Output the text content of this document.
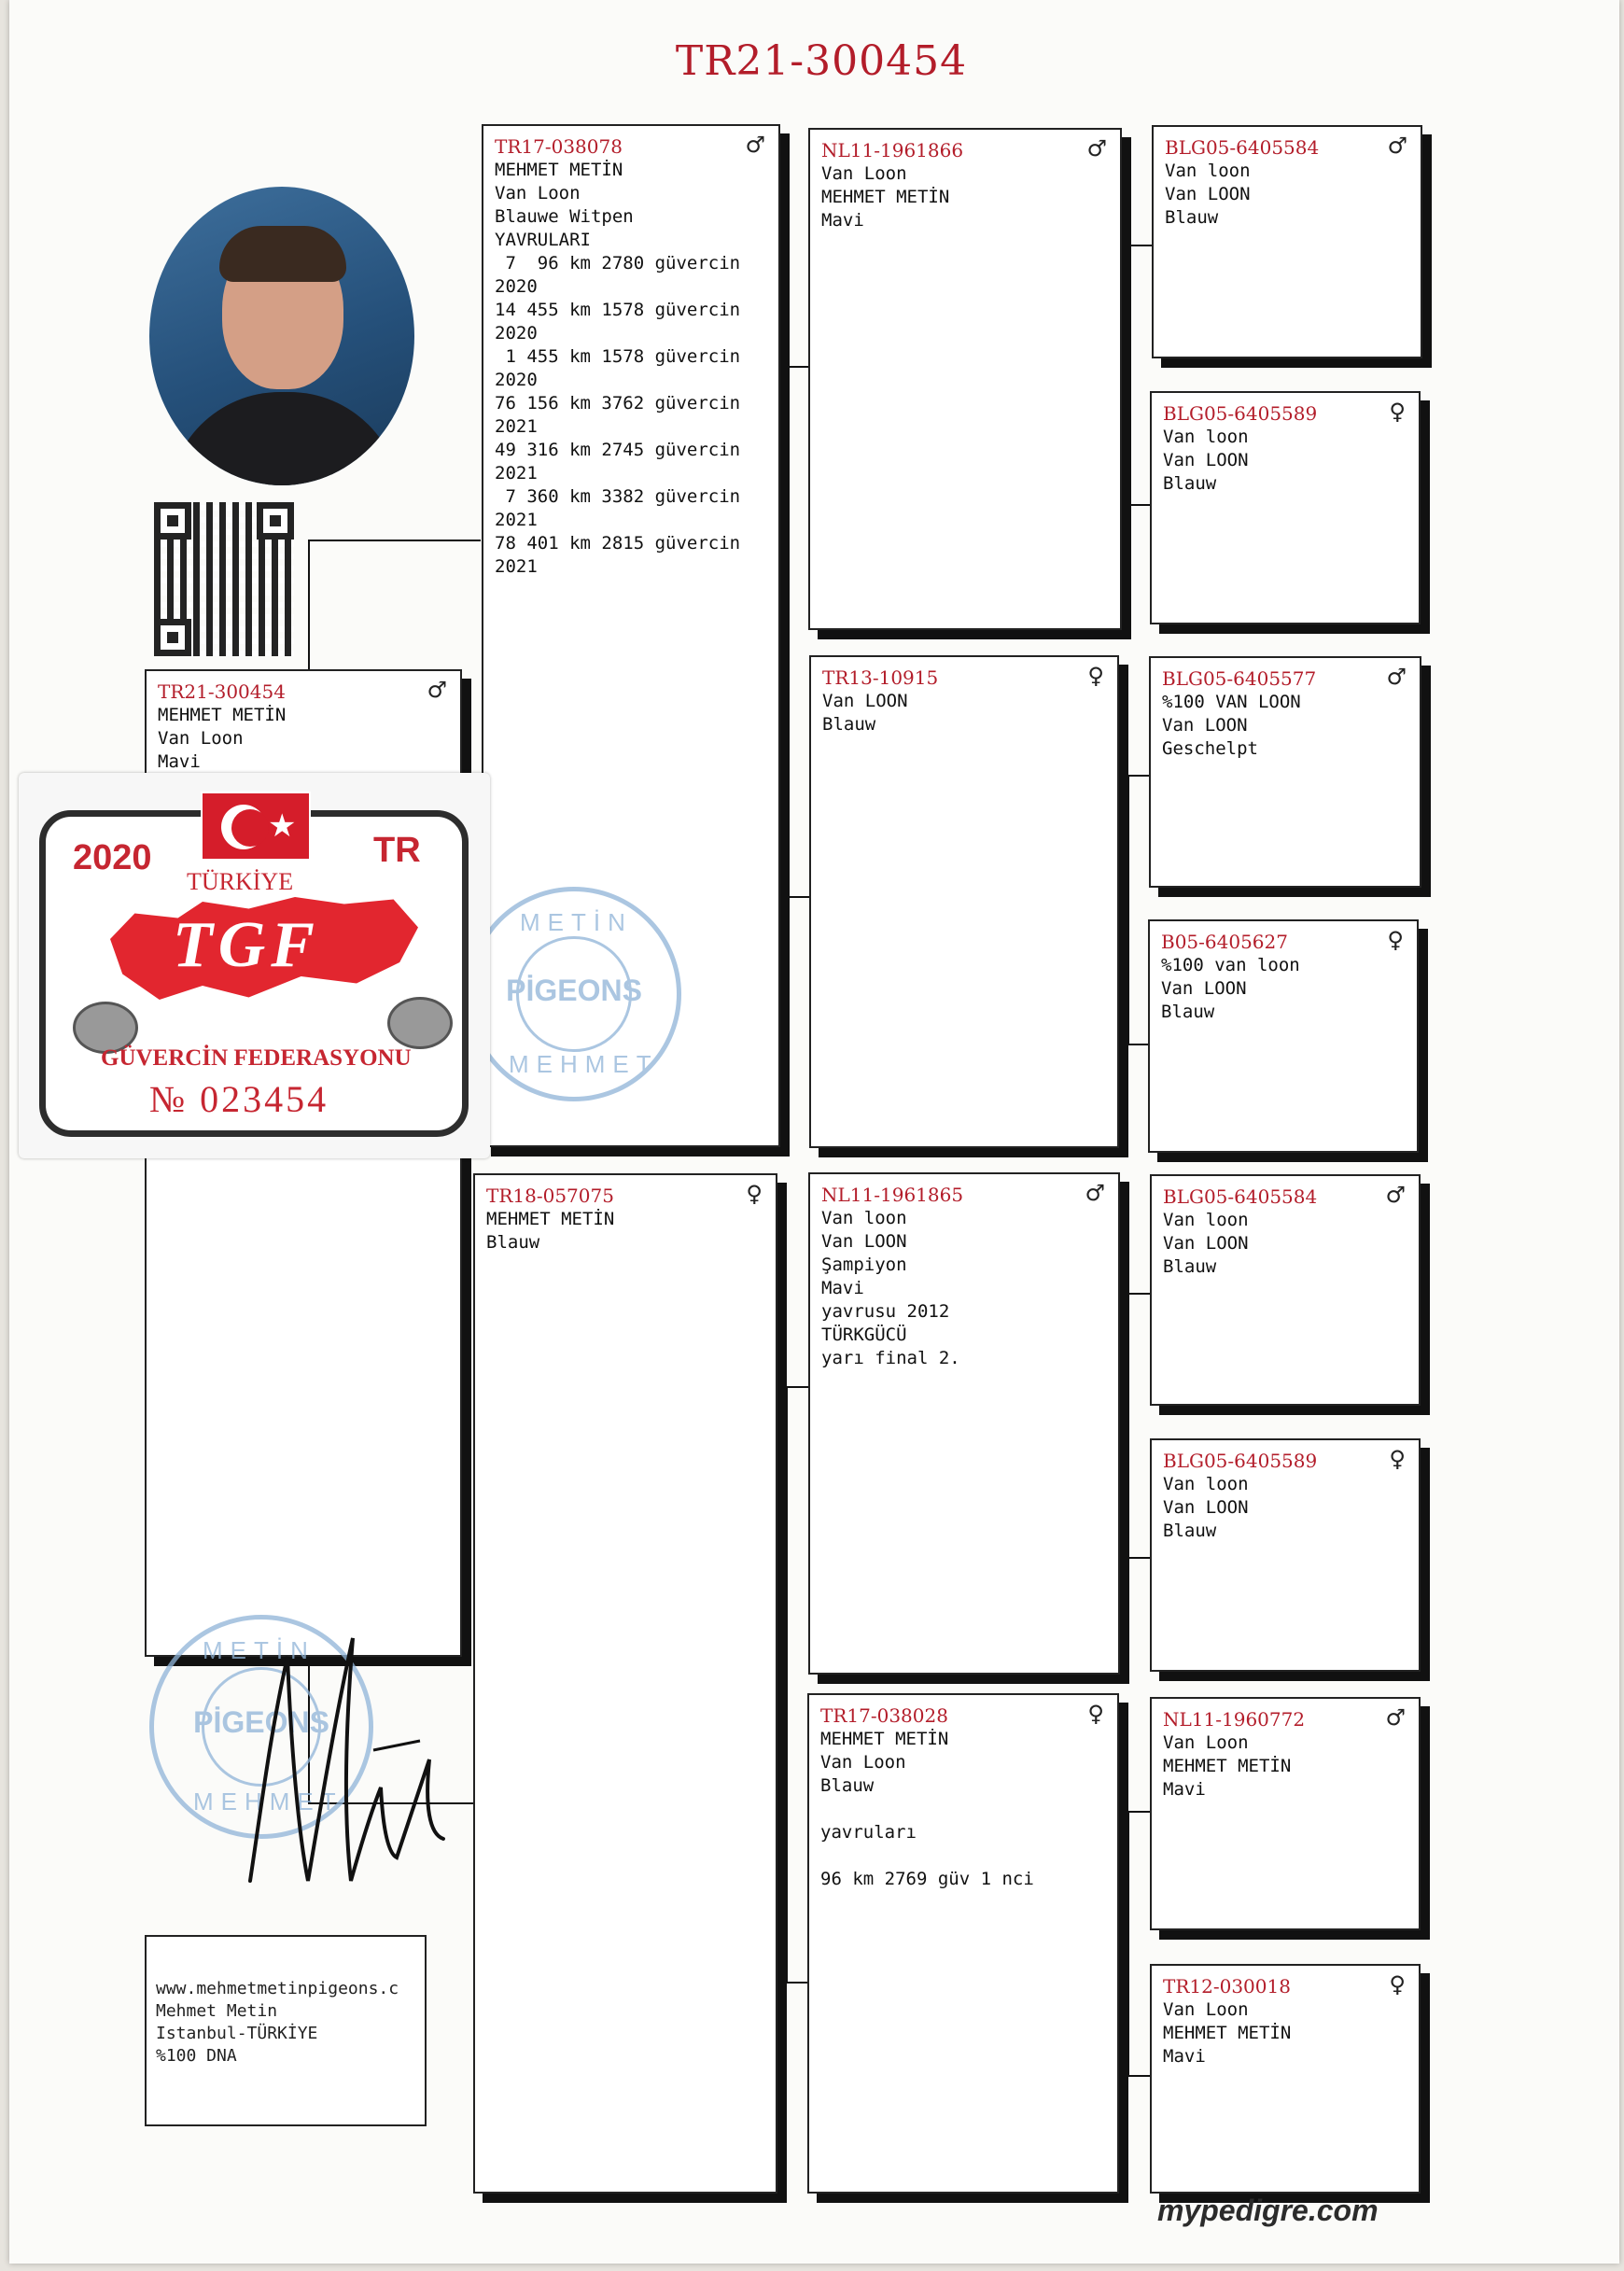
TR21-300454
TR21-300454	♂
MEHMET METİN
Van Loon
Mavi
TR17-038078	♂
MEHMET METİN
Van Loon
Blauwe Witpen
YAVRULARI
7  96 km 2780 güvercin
2020
14 455 km 1578 güvercin
2020
1 455 km 1578 güvercin
2020
76 156 km 3762 güvercin
2021
49 316 km 2745 güvercin
2021
7 360 km 3382 güvercin
2021
78 401 km 2815 güvercin
2021
TR18-057075	♀
MEHMET METİN
Blauw
NL11-1961866	♂
Van Loon
MEHMET METİN
Mavi
TR13-10915	♀
Van LOON
Blauw
NL11-1961865	♂
Van loon
Van LOON
Şampiyon
Mavi
yavrusu 2012
TÜRKGÜCÜ
yarı final 2.
TR17-038028	♀
MEHMET METİN
Van Loon
Blauw
yavruları
96 km 2769 güv 1 nci
BLG05-6405584	♂
Van loon
Van LOON
Blauw
BLG05-6405589	♀
Van loon
Van LOON
Blauw
BLG05-6405577	♂
%100 VAN LOON
Van LOON
Geschelpt
B05-6405627	♀
%100 van loon
Van LOON
Blauw
BLG05-6405584	♂
Van loon
Van LOON
Blauw
BLG05-6405589	♀
Van loon
Van LOON
Blauw
NL11-1960772	♂
Van Loon
MEHMET METİN
Mavi
TR12-030018	♀
Van Loon
MEHMET METİN
Mavi
METİN
PİGEONS
MEHMET
METİN
PİGEONS
MEHMET
★
2020	TR
TÜRKİYE
TGF
GÜVERCİN FEDERASYONU
№ 023454
www.mehmetmetinpigeons.c
Mehmet Metin
Istanbul-TÜRKİYE
%100 DNA
mypedigre.com
